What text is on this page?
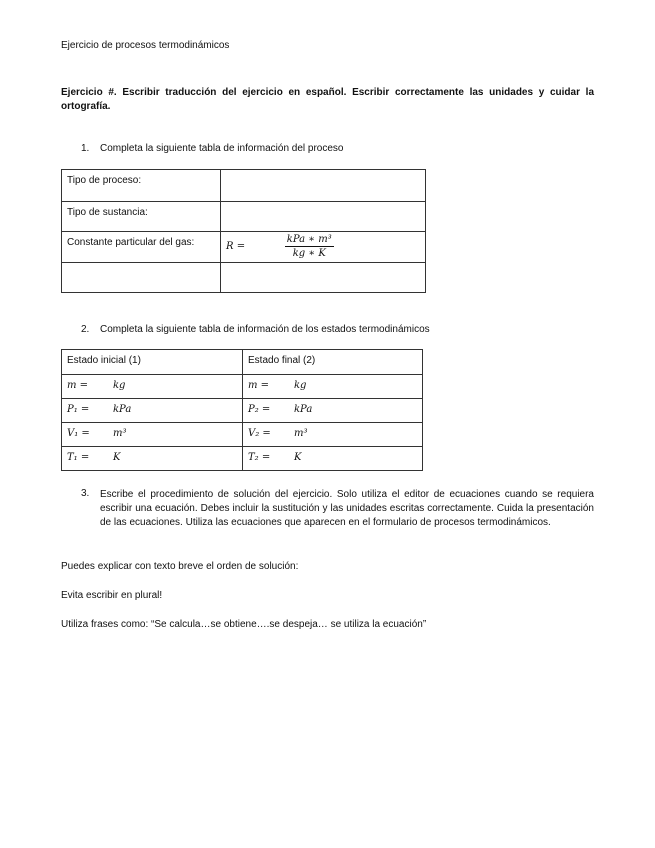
Ejercicio de procesos termodinámicos
Ejercicio #. Escribir traducción del ejercicio en español. Escribir correctamente las unidades y cuidar la ortografía.
1. Completa la siguiente tabla de información del proceso
Tipo de proceso:	
Tipo de sustancia:	
Constante particular del gas:	$R = \frac{\text{kPa ∗ m³}}{kg ∗ K}$

2. Completa la siguiente tabla de información de los estados termodinámicos
Estado inicial (1)	Estado final (2)
m = kg	m = kg
P₁ = kPa	P₂ = kPa
V₁ = m³	V₂ = m³
T₁ = K	T₂ = K
3. Escribe el procedimiento de solución del ejercicio. Solo utiliza el editor de ecuaciones cuando se requiera escribir una ecuación. Debes incluir la sustitución y las unidades escritas correctamente. Cuida la presentación de las ecuaciones. Utiliza las ecuaciones que aparecen en el formulario de procesos termodinámicos.
Puedes explicar con texto breve el orden de solución:
Evita escribir en plural!
Utiliza frases como: “Se calcula…se obtiene….se despeja… se utiliza la ecuación”
